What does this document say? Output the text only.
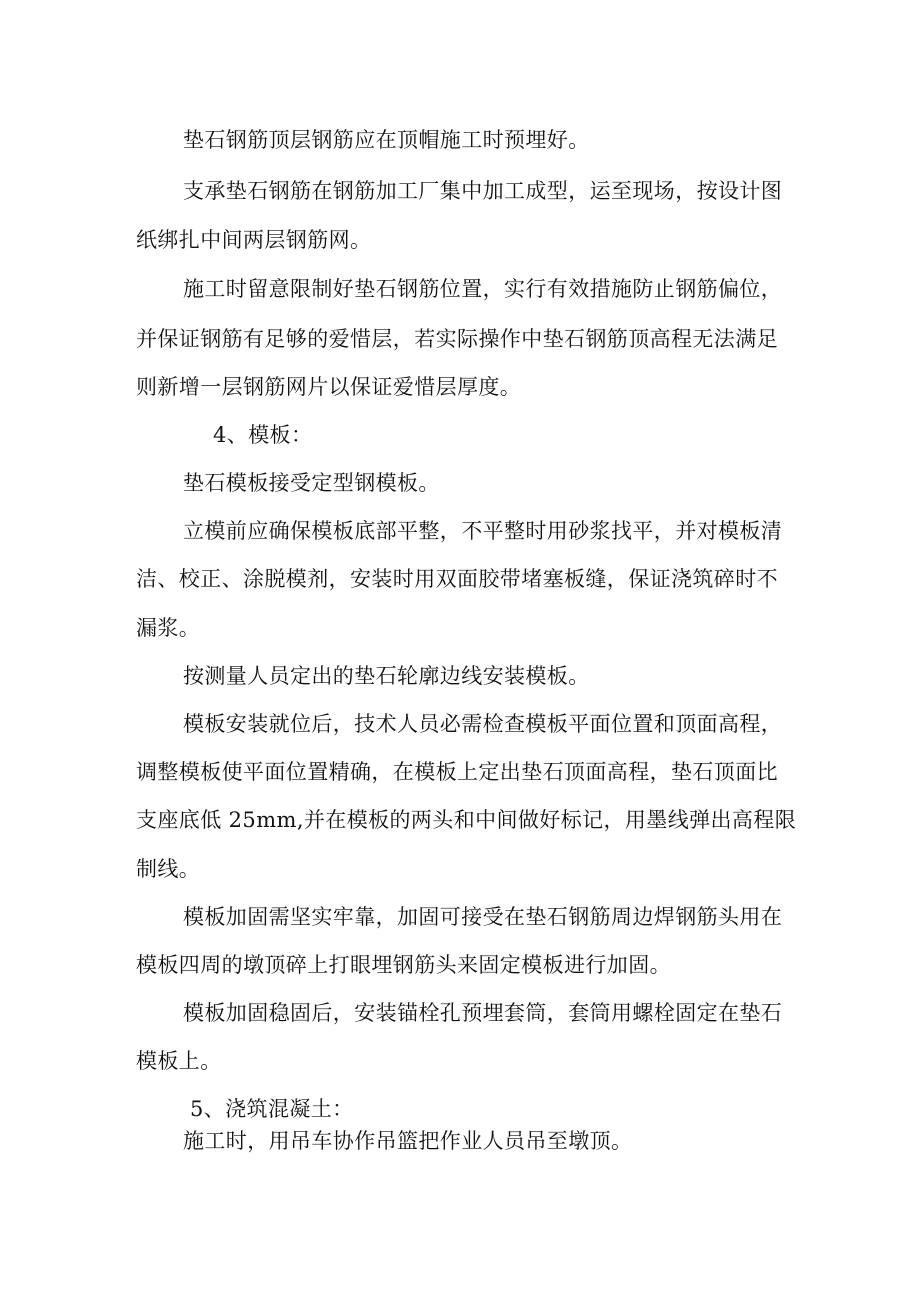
垫石钢筋顶层钢筋应在顶帽施工时预埋好。
支承垫石钢筋在钢筋加工厂集中加工成型，运至现场，按设计图
纸绑扎中间两层钢筋网。
施工时留意限制好垫石钢筋位置，实行有效措施防止钢筋偏位，
并保证钢筋有足够的爱惜层，若实际操作中垫石钢筋顶高程无法满足
则新增一层钢筋网片以保证爱惜层厚度。
4、模板：
垫石模板接受定型钢模板。
立模前应确保模板底部平整，不平整时用砂浆找平，并对模板清
洁、校正、涂脱模剂，安装时用双面胶带堵塞板缝，保证浇筑碎时不
漏浆。
按测量人员定出的垫石轮廓边线安装模板。
模板安装就位后，技术人员必需检查模板平面位置和顶面高程，
调整模板使平面位置精确，在模板上定出垫石顶面高程，垫石顶面比
支座底低 25mm,并在模板的两头和中间做好标记，用墨线弹出高程限
制线。
模板加固需坚实牢靠，加固可接受在垫石钢筋周边焊钢筋头用在
模板四周的墩顶碎上打眼埋钢筋头来固定模板进行加固。
模板加固稳固后，安装锚栓孔预埋套筒，套筒用螺栓固定在垫石
模板上。
5、浇筑混凝土：
施工时，用吊车协作吊篮把作业人员吊至墩顶。
